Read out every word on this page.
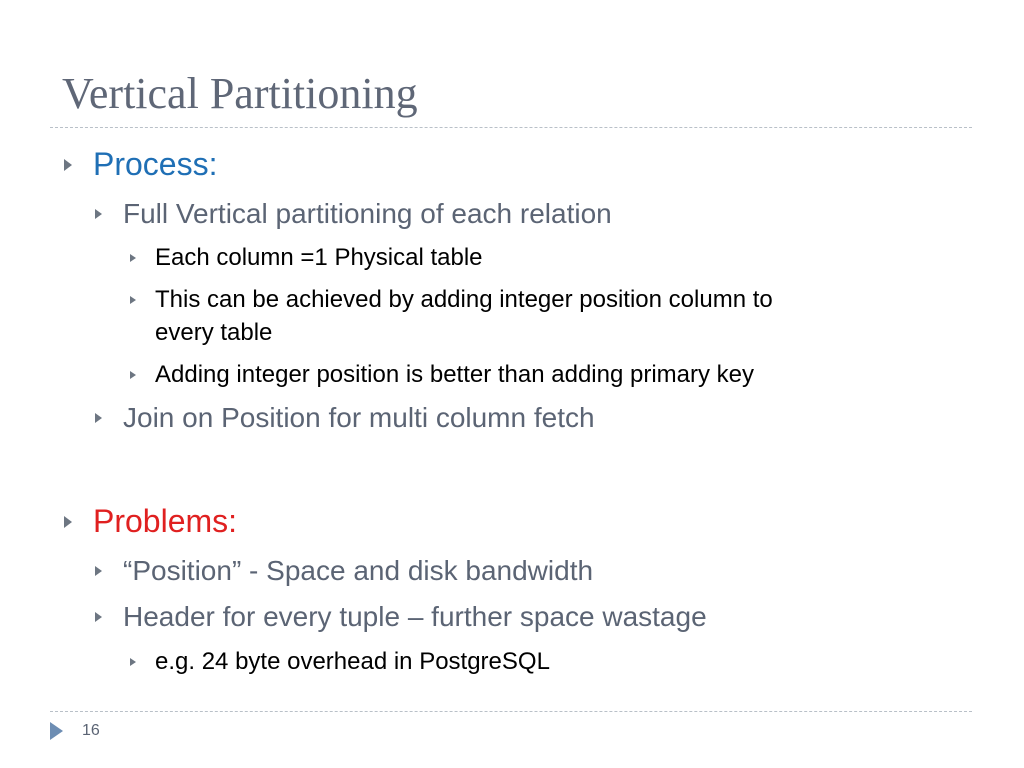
Vertical Partitioning
Process:
Full Vertical partitioning of each relation
Each column =1 Physical table
This can be achieved by adding integer position column to
every table
Adding integer position is better than adding primary key
Join on Position for multi column fetch
Problems:
“Position” - Space and disk bandwidth
Header for every tuple – further space wastage
e.g. 24 byte overhead in PostgreSQL
16
